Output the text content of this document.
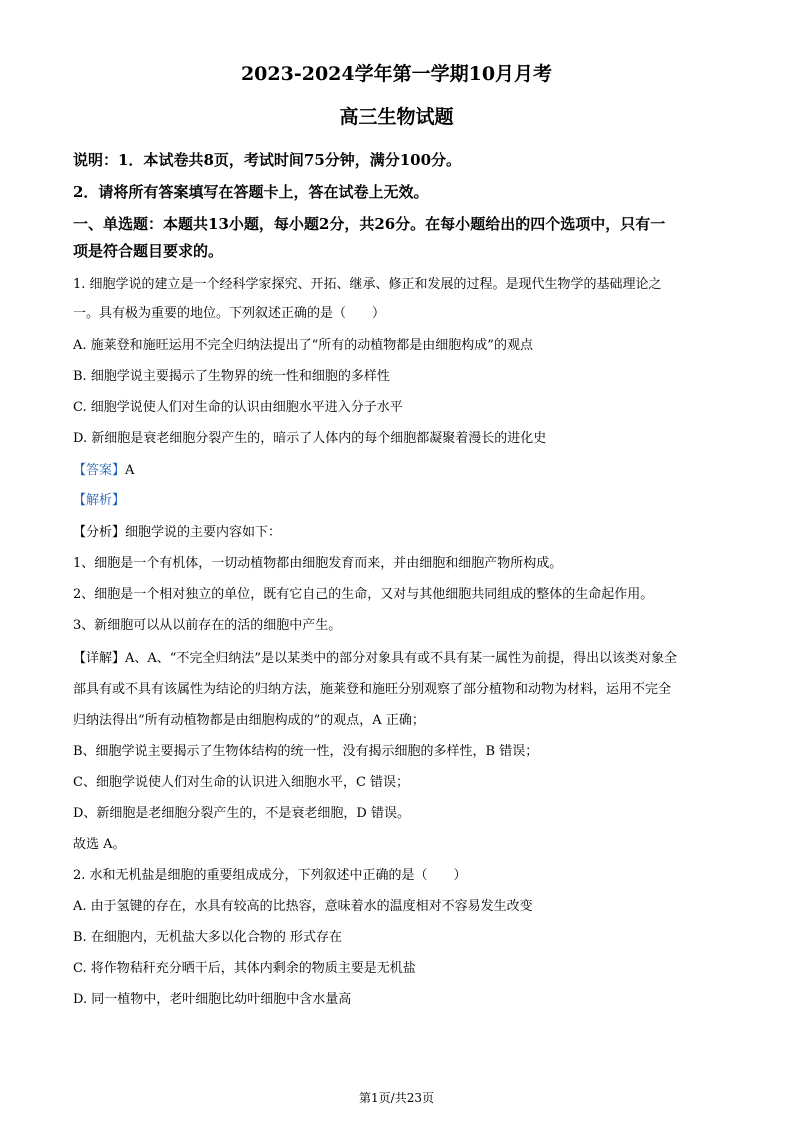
2023-2024学年第一学期10月月考
高三生物试题
说明：1．本试卷共8页，考试时间75分钟，满分100分。
2．请将所有答案填写在答题卡上，答在试卷上无效。
一、单选题：本题共13小题，每小题2分，共26分。在每小题给出的四个选项中，只有一
项是符合题目要求的。
1. 细胞学说的建立是一个经科学家探究、开拓、继承、修正和发展的过程。是现代生物学的基础理论之
一。具有极为重要的地位。下列叙述正确的是（　　）
A. 施莱登和施旺运用不完全归纳法提出了“所有的动植物都是由细胞构成”的观点
B. 细胞学说主要揭示了生物界的统一性和细胞的多样性
C. 细胞学说使人们对生命的认识由细胞水平进入分子水平
D. 新细胞是衰老细胞分裂产生的，暗示了人体内的每个细胞都凝聚着漫长的进化史
【答案】A
【解析】
【分析】细胞学说的主要内容如下：
1、细胞是一个有机体，一切动植物都由细胞发育而来，并由细胞和细胞产物所构成。
2、细胞是一个相对独立的单位，既有它自己的生命，又对与其他细胞共同组成的整体的生命起作用。
3、新细胞可以从以前存在的活的细胞中产生。
【详解】A、A、“不完全归纳法”是以某类中的部分对象具有或不具有某一属性为前提，得出以该类对象全
部具有或不具有该属性为结论的归纳方法，施莱登和施旺分别观察了部分植物和动物为材料，运用不完全
归纳法得出“所有动植物都是由细胞构成的”的观点，A 正确；
B、细胞学说主要揭示了生物体结构的统一性，没有揭示细胞的多样性，B 错误；
C、细胞学说使人们对生命的认识进入细胞水平，C 错误；
D、新细胞是老细胞分裂产生的，不是衰老细胞，D 错误。
故选 A。
2. 水和无机盐是细胞的重要组成成分，下列叙述中正确的是（　　）
A. 由于氢键的存在，水具有较高的比热容，意味着水的温度相对不容易发生改变
B. 在细胞内，无机盐大多以化合物的 形式存在
C. 将作物秸秆充分晒干后，其体内剩余的物质主要是无机盐
D. 同一植物中，老叶细胞比幼叶细胞中含水量高
第1页/共23页
